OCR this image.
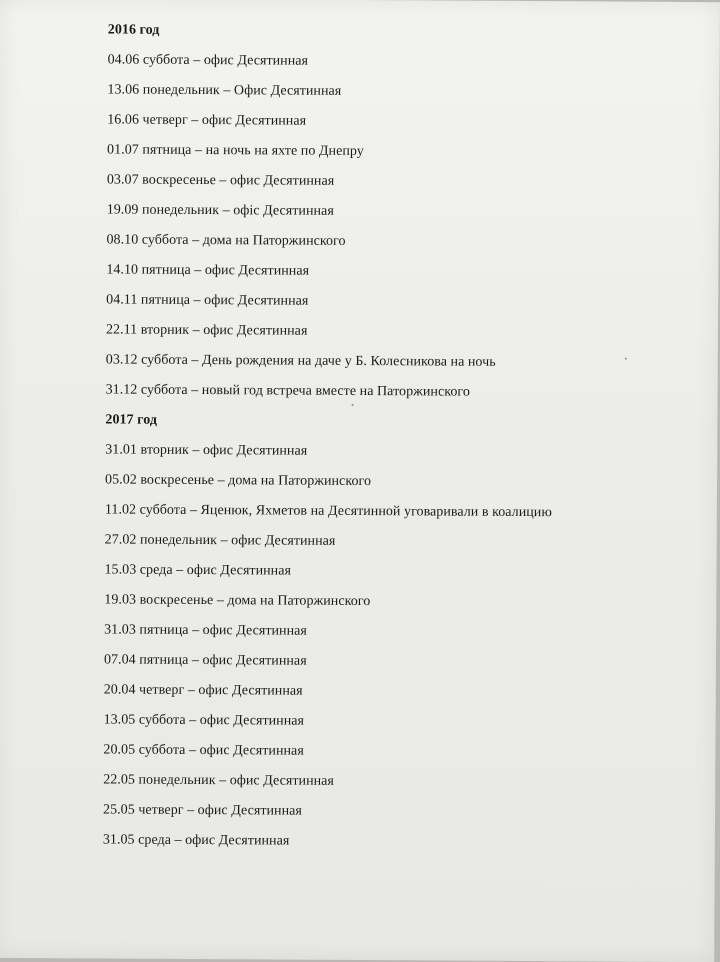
2016 год
04.06 суббота – офис Десятинная
13.06 понедельник – Офис Десятинная
16.06 четверг – офис Десятинная
01.07 пятница – на ночь на яхте по Днепру
03.07 воскресенье – офис Десятинная
19.09 понедельник – офіс Десятинная
08.10 суббота – дома на Паторжинского
14.10 пятница – офис Десятинная
04.11 пятница – офис Десятинная
22.11 вторник – офис Десятинная
03.12 суббота – День рождения на даче у Б. Колесникова на ночь
31.12 суббота – новый год встреча вместе на Паторжинского
2017 год
31.01 вторник – офис Десятинная
05.02 воскресенье – дома на Паторжинского
11.02 суббота – Яценюк, Яхметов на Десятинной уговаривали в коалицию
27.02 понедельник – офис Десятинная
15.03 среда – офис Десятинная
19.03 воскресенье – дома на Паторжинского
31.03 пятница – офис Десятинная
07.04 пятница – офис Десятинная
20.04 четверг – офис Десятинная
13.05 суббота – офис Десятинная
20.05 суббота – офис Десятинная
22.05 понедельник – офис Десятинная
25.05 четверг – офис Десятинная
31.05 среда – офис Десятинная
